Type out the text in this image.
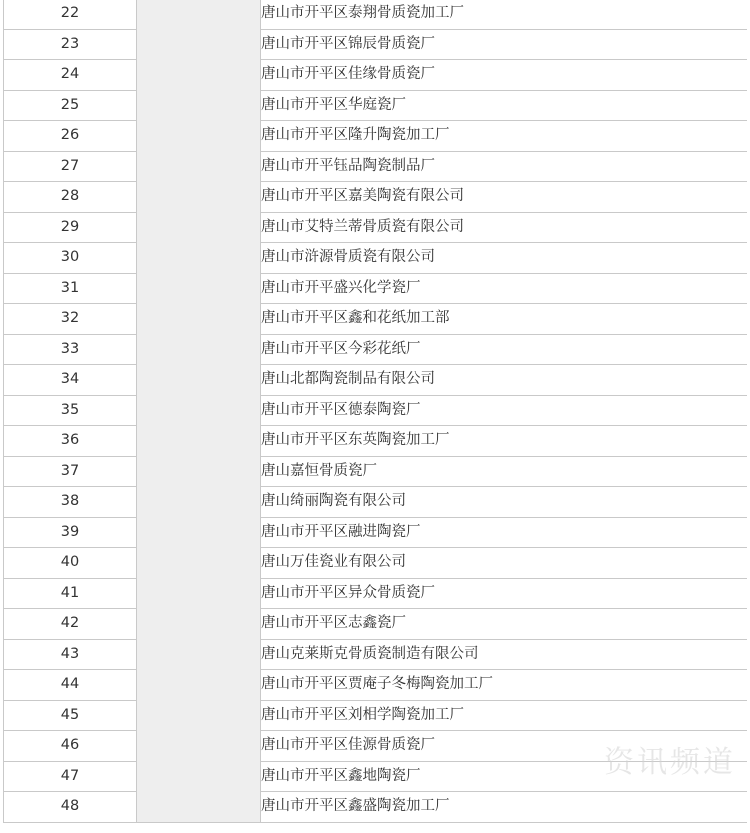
22		唐山市开平区泰翔骨质瓷加工厂
23		唐山市开平区锦辰骨质瓷厂
24		唐山市开平区佳缘骨质瓷厂
25		唐山市开平区华庭瓷厂
26		唐山市开平区隆升陶瓷加工厂
27		唐山市开平钰品陶瓷制品厂
28		唐山市开平区嘉美陶瓷有限公司
29		唐山市艾特兰蒂骨质瓷有限公司
30		唐山市浒源骨质瓷有限公司
31		唐山市开平盛兴化学瓷厂
32		唐山市开平区鑫和花纸加工部
33		唐山市开平区今彩花纸厂
34		唐山北都陶瓷制品有限公司
35		唐山市开平区德泰陶瓷厂
36		唐山市开平区东英陶瓷加工厂
37		唐山嘉恒骨质瓷厂
38		唐山绮丽陶瓷有限公司
39		唐山市开平区融进陶瓷厂
40		唐山万佳瓷业有限公司
41		唐山市开平区异众骨质瓷厂
42		唐山市开平区志鑫瓷厂
43		唐山克莱斯克骨质瓷制造有限公司
44		唐山市开平区贾庵子冬梅陶瓷加工厂
45		唐山市开平区刘相学陶瓷加工厂
46		唐山市开平区佳源骨质瓷厂
47		唐山市开平区鑫地陶瓷厂
48		唐山市开平区鑫盛陶瓷加工厂
资讯频道
